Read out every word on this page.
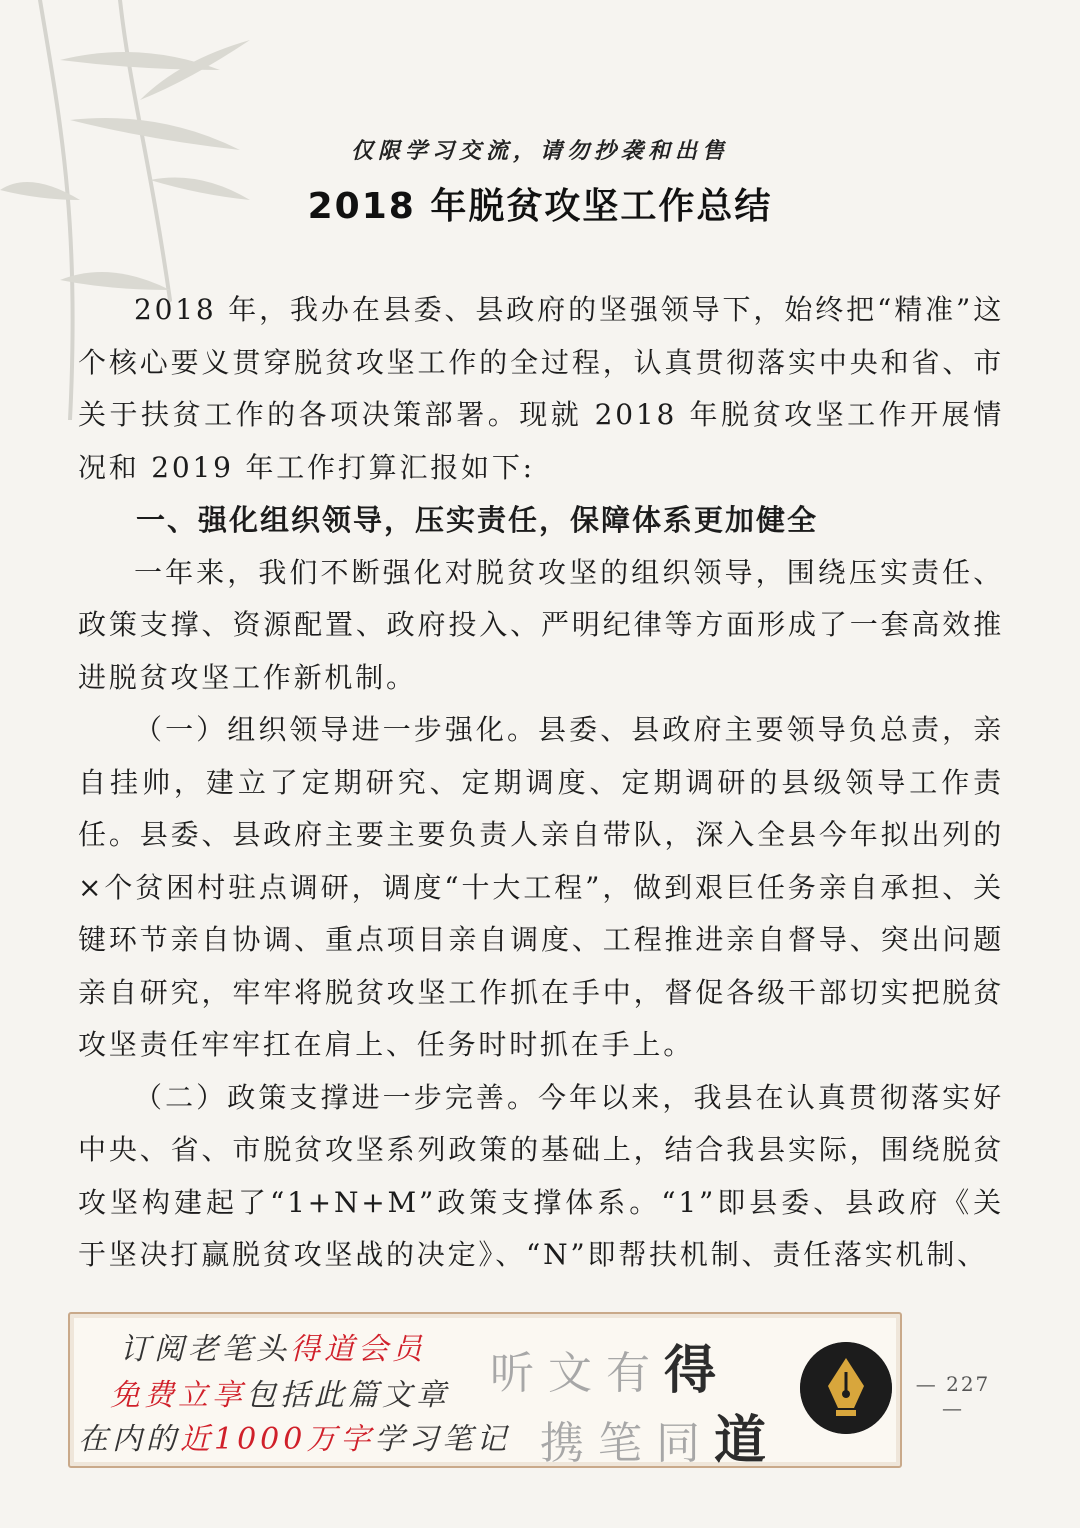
仅限学习交流，请勿抄袭和出售
2018 年脱贫攻坚工作总结

2018 年，我办在县委、县政府的坚强领导下，始终把“精准”这个核心要义贯穿脱贫攻坚工作的全过程，认真贯彻落实中央和省、市关于扶贫工作的各项决策部署。现就 2018 年脱贫攻坚工作开展情况和 2019 年工作打算汇报如下:

一、强化组织领导，压实责任，保障体系更加健全

一年来，我们不断强化对脱贫攻坚的组织领导，围绕压实责任、政策支撑、资源配置、政府投入、严明纪律等方面形成了一套高效推进脱贫攻坚工作新机制。

（一）组织领导进一步强化。县委、县政府主要领导负总责，亲自挂帅，建立了定期研究、定期调度、定期调研的县级领导工作责任。县委、县政府主要主要负责人亲自带队，深入全县今年拟出列的×个贫困村驻点调研，调度“十大工程”，做到艰巨任务亲自承担、关键环节亲自协调、重点项目亲自调度、工程推进亲自督导、突出问题亲自研究，牢牢将脱贫攻坚工作抓在手中，督促各级干部切实把脱贫攻坚责任牢牢扛在肩上、任务时时抓在手上。

（二）政策支撑进一步完善。今年以来，我县在认真贯彻落实好中央、省、市脱贫攻坚系列政策的基础上，结合我县实际，围绕脱贫攻坚构建起了“1+N+M”政策支撑体系。“1”即县委、县政府《关于坚决打赢脱贫攻坚战的决定》、“N”即帮扶机制、责任落实机制、

订阅老笔头得道会员
免费立享包括此篇文章
在内的近1000万字学习笔记
听文有得
携笔同道
— 227 —
